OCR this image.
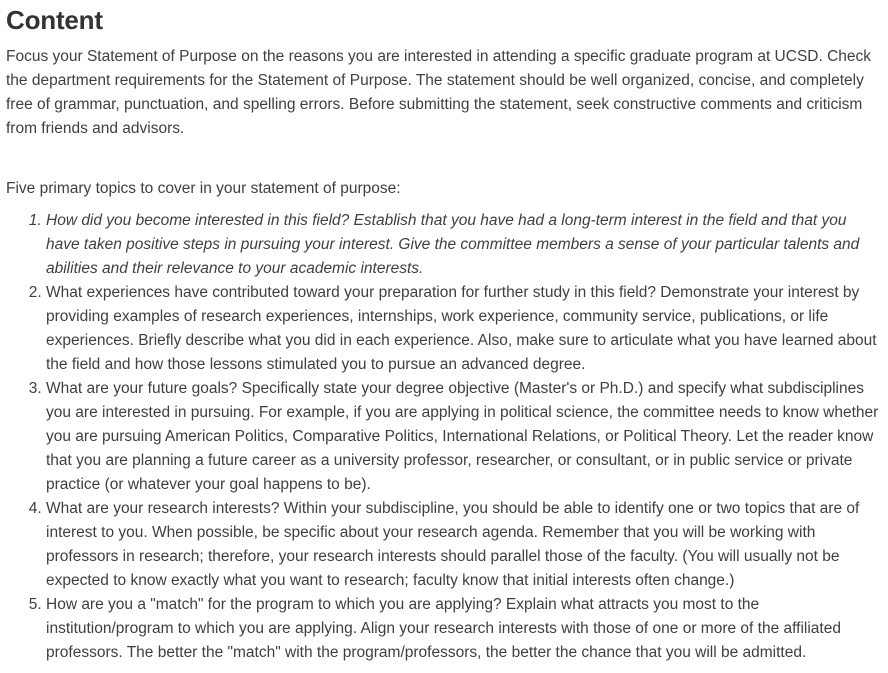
Content

Focus your Statement of Purpose on the reasons you are interested in attending a specific graduate program at UCSD. Check the department requirements for the Statement of Purpose. The statement should be well organized, concise, and completely free of grammar, punctuation, and spelling errors. Before submitting the statement, seek constructive comments and criticism from friends and advisors.

Five primary topics to cover in your statement of purpose:

1. How did you become interested in this field? Establish that you have had a long-term interest in the field and that you have taken positive steps in pursuing your interest. Give the committee members a sense of your particular talents and abilities and their relevance to your academic interests.
2. What experiences have contributed toward your preparation for further study in this field? Demonstrate your interest by providing examples of research experiences, internships, work experience, community service, publications, or life experiences. Briefly describe what you did in each experience. Also, make sure to articulate what you have learned about the field and how those lessons stimulated you to pursue an advanced degree.
3. What are your future goals? Specifically state your degree objective (Master's or Ph.D.) and specify what subdisciplines you are interested in pursuing. For example, if you are applying in political science, the committee needs to know whether you are pursuing American Politics, Comparative Politics, International Relations, or Political Theory. Let the reader know that you are planning a future career as a university professor, researcher, or consultant, or in public service or private practice (or whatever your goal happens to be).
4. What are your research interests? Within your subdiscipline, you should be able to identify one or two topics that are of interest to you. When possible, be specific about your research agenda. Remember that you will be working with professors in research; therefore, your research interests should parallel those of the faculty. (You will usually not be expected to know exactly what you want to research; faculty know that initial interests often change.)
5. How are you a "match" for the program to which you are applying? Explain what attracts you most to the institution/program to which you are applying. Align your research interests with those of one or more of the affiliated professors. The better the "match" with the program/professors, the better the chance that you will be admitted.
